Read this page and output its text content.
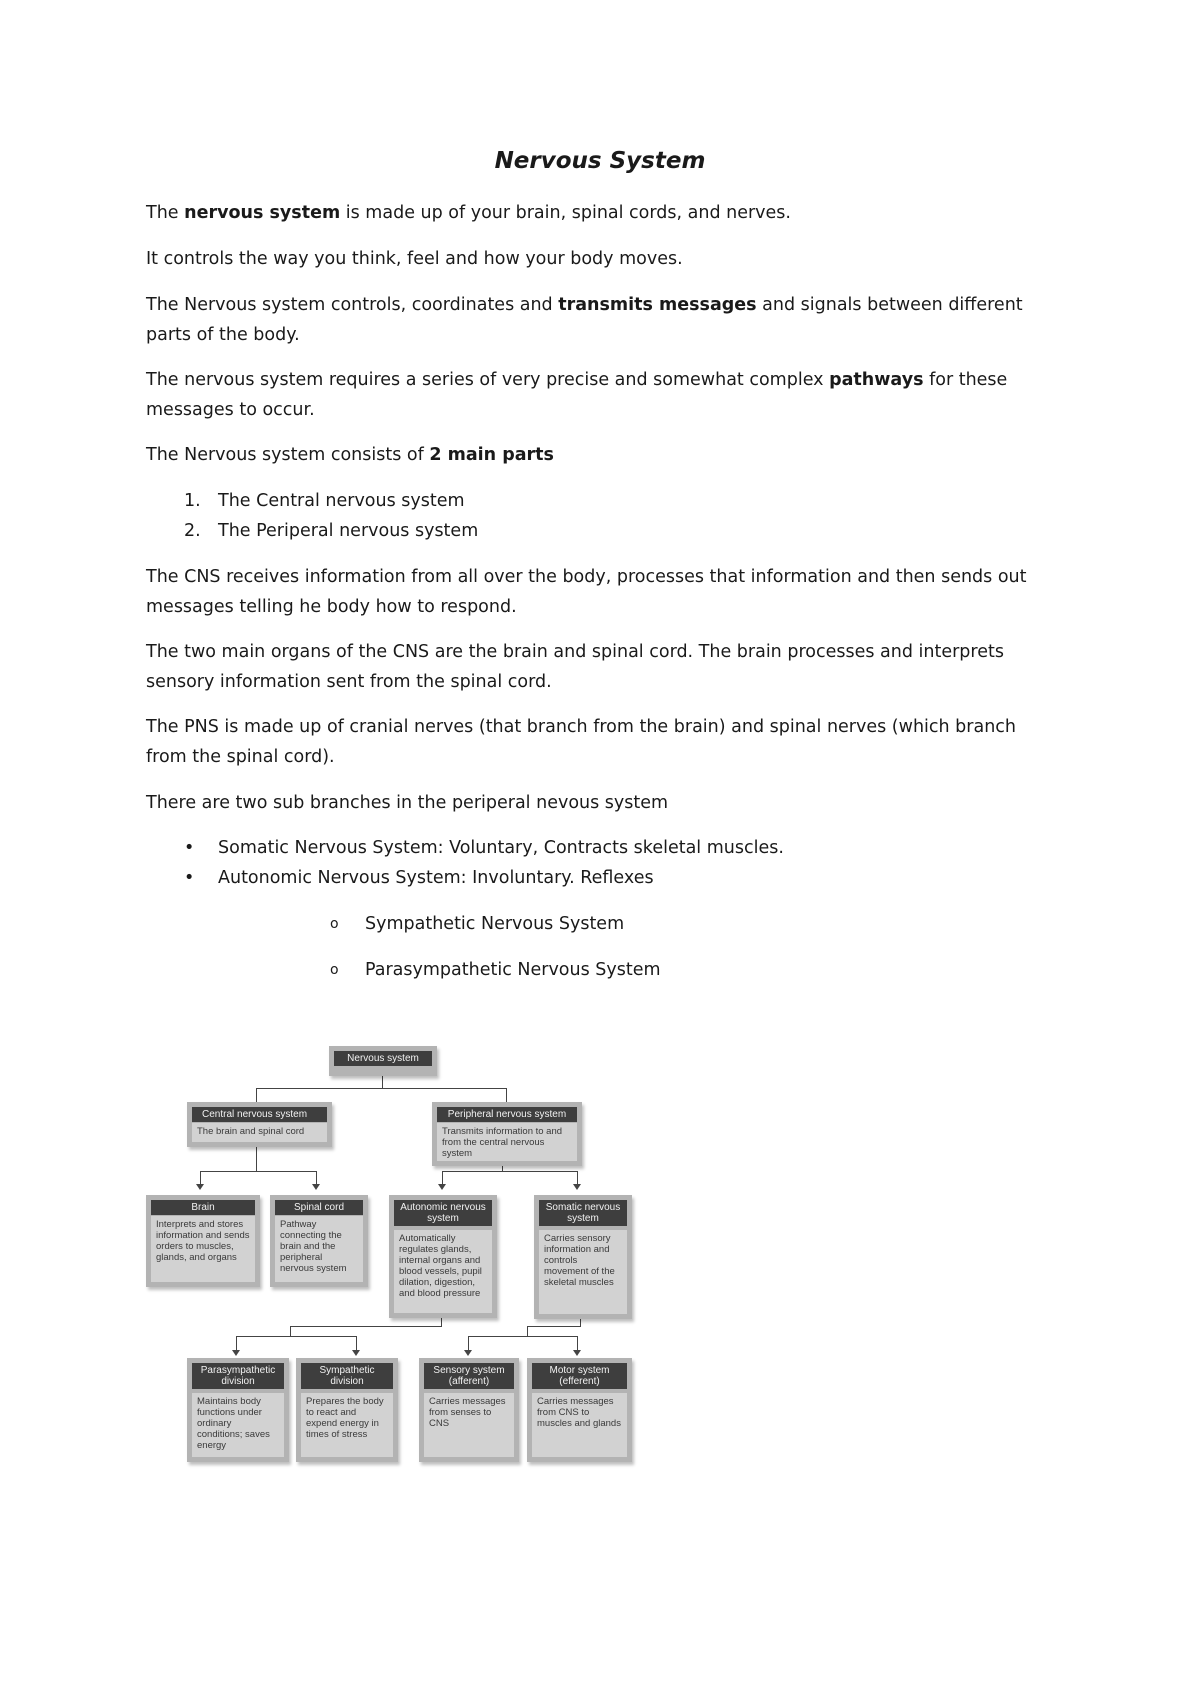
Nervous System

The nervous system is made up of your brain, spinal cords, and nerves.

It controls the way you think, feel and how your body moves.

The Nervous system controls, coordinates and transmits messages and signals between different parts of the body.

The nervous system requires a series of very precise and somewhat complex pathways for these messages to occur.

The Nervous system consists of 2 main parts

1. The Central nervous system
2. The Periperal nervous system

The CNS receives information from all over the body, processes that information and then sends out messages telling he body how to respond.

The two main organs of the CNS are the brain and spinal cord. The brain processes and interprets sensory information sent from the spinal cord.

The PNS is made up of cranial nerves (that branch from the brain) and spinal nerves (which branch from the spinal cord).

There are two sub branches in the periperal nevous system

• Somatic Nervous System: Voluntary, Contracts skeletal muscles.
• Autonomic Nervous System: Involuntary. Reflexes
o Sympathetic Nervous System
o Parasympathetic Nervous System
Nervous system
Central nervous system
The brain and spinal cord
Peripheral nervous system
Transmits information to and from the central nervous system
Brain
Interprets and stores information and sends orders to muscles, glands, and organs
Spinal cord
Pathway connecting the brain and the peripheral nervous system
Autonomic nervous system
Automatically regulates glands, internal organs and blood vessels, pupil dilation, digestion, and blood pressure
Somatic nervous system
Carries sensory information and controls movement of the skeletal muscles
Parasympathetic division
Maintains body functions under ordinary conditions; saves energy
Sympathetic division
Prepares the body to react and expend energy in times of stress
Sensory system (afferent)
Carries messages from senses to CNS
Motor system (efferent)
Carries messages from CNS to muscles and glands
